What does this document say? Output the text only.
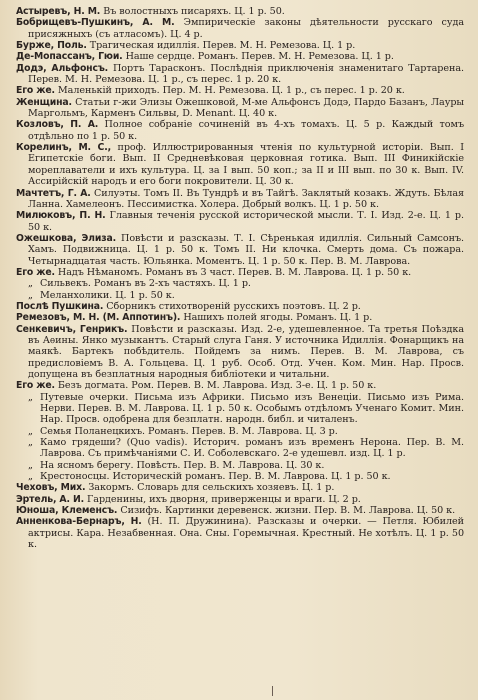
Астыревъ, Н. М. Въ волостныхъ писаряхъ. Ц. 1 р. 50.

Бобрищевъ-Пушкинъ, А. М. Эмпирическіе законы дѣятельности русскаго суда присяжныхъ (съ атласомъ). Ц. 4 р.

Бурже, Поль. Трагическая идиллія. Перев. М. Н. Ремезова. Ц. 1 р.

Де-Мопассанъ, Гюи. Наше сердце. Романъ. Перев. М. Н. Ремезова. Ц. 1 р.

Додэ, Альфонсъ. Портъ Тарасконъ. Послѣднія приключенія знаменитаго Тартарена. Перев. М. Н. Ремезова. Ц. 1 р., съ перес. 1 р. 20 к.

Его же. Маленькій приходъ. Пер. М. Н. Ремезова. Ц. 1 р., съ перес. 1 р. 20 к.

Женщина. Статьи г-жи Элизы Ожешковой, М-ме Альфонсъ Додэ, Пардо Базанъ, Лауры Маргольмъ, Карменъ Сильвы, D. Menant. Ц. 40 к.

Козловъ, П. А. Полное собраніе сочиненій въ 4-хъ томахъ. Ц. 5 р. Каждый томъ отдѣльно по 1 р. 50 к.

Корелинъ, М. С., проф. Иллюстрированныя чтенія по культурной исторіи. Вып. I Египетскіе боги. Вып. II Средневѣковая церковная готика. Вып. III Финикійскіе мореплаватели и ихъ культура. Ц. за I вып. 50 коп.; за II и III вып. по 30 к. Вып. IV. Ассирійскій народъ и его боги покровители. Ц. 30 к.

Мачтетъ, Г. А. Силуэты. Томъ II. Въ Тундрѣ и въ Тайгѣ. Заклятый козакъ. Ждуть. Бѣлая Ланна. Хамелеонъ. Пессимистка. Холера. Добрый волкъ. Ц. 1 р. 50 к.

Милюковъ, П. Н. Главныя теченія русской исторической мысли. Т. I. Изд. 2-е. Ц. 1 р. 50 к.

Ожешкова, Элиза. Повѣсти и разсказы. Т. I. Сѣренькая идиллія. Сильный Самсонъ. Хамъ. Подвижница. Ц. 1 р. 50 к. Томъ II. Ни клочка. Смерть дома. Съ пожара. Четырнадцатая часть. Юльянка. Моментъ. Ц. 1 р. 50 к. Пер. В. М. Лаврова.

Его же. Надъ Нѣманомъ. Романъ въ 3 част. Перев. В. М. Лаврова. Ц. 1 р. 50 к.

„ Сильвекъ. Романъ въ 2-хъ частяхъ. Ц. 1 р.

„ Меланхолики. Ц. 1 р. 50 к.

Послѣ Пушкина. Сборникъ стихотвореній русскихъ поэтовъ. Ц. 2 р.

Ремезовъ, М. Н. (М. Аппотинъ). Нашихъ полей ягоды. Романъ. Ц. 1 р.

Сенкевичъ, Генрикъ. Повѣсти и разсказы. Изд. 2-е, удешевленное. Та третья Поѣздка въ Аѳины. Янко музыкантъ. Старый слуга Ганя. У источника Идиллія. Фонарщикъ на маякѣ. Бартекъ побѣдитель. Пойдемъ за нимъ. Перев. В. М. Лаврова, съ предисловіемъ В. А. Гольцева. Ц. 1 руб. Особ. Отд. Учен. Ком. Мин. Нар. Просв. допущена въ безплатныя народныя библіотеки и читальни.

Его же. Безъ догмата. Ром. Перев. В. М. Лаврова. Изд. 3-е. Ц. 1 р. 50 к.

„ Путевые очерки. Письма изъ Африки. Письмо изъ Венеціи. Письмо изъ Рима. Нерви. Перев. В. М. Лаврова. Ц. 1 р. 50 к. Особымъ отдѣломъ Ученаго Комит. Мин. Нар. Просв. одобрена для безплатн. народн. библ. и читаленъ.

„ Семья Поланецкихъ. Романъ. Перев. В. М. Лаврова. Ц. 3 р.

„ Камо грядеши? (Quo vadis). Историч. романъ изъ временъ Нерона. Пер. В. М. Лаврова. Съ примѣчаніями С. И. Соболевскаго. 2-е удешевл. изд. Ц. 1 р.

„ На ясномъ берегу. Повѣсть. Пер. В. М. Лаврова. Ц. 30 к.

„ Крестоносцы. Историческій романъ. Пер. В. М. Лаврова. Ц. 1 р. 50 к.

Чеховъ, Мих. Закормъ. Словарь для сельскихъ хозяевъ. Ц. 1 р.

Эртель, А. И. Гарденины, ихъ дворня, приверженцы и враги. Ц. 2 р.

Юноша, Клеменсъ. Сизифъ. Картинки деревенск. жизни. Пер. В. М. Лаврова. Ц. 50 к.

Анненкова-Бернаръ, Н. (Н. П. Дружинина). Разсказы и очерки. — Петля. Юбилей актрисы. Кара. Незабвенная. Она. Сны. Горемычная. Крестный. Не хотѣлъ. Ц. 1 р. 50 к.
